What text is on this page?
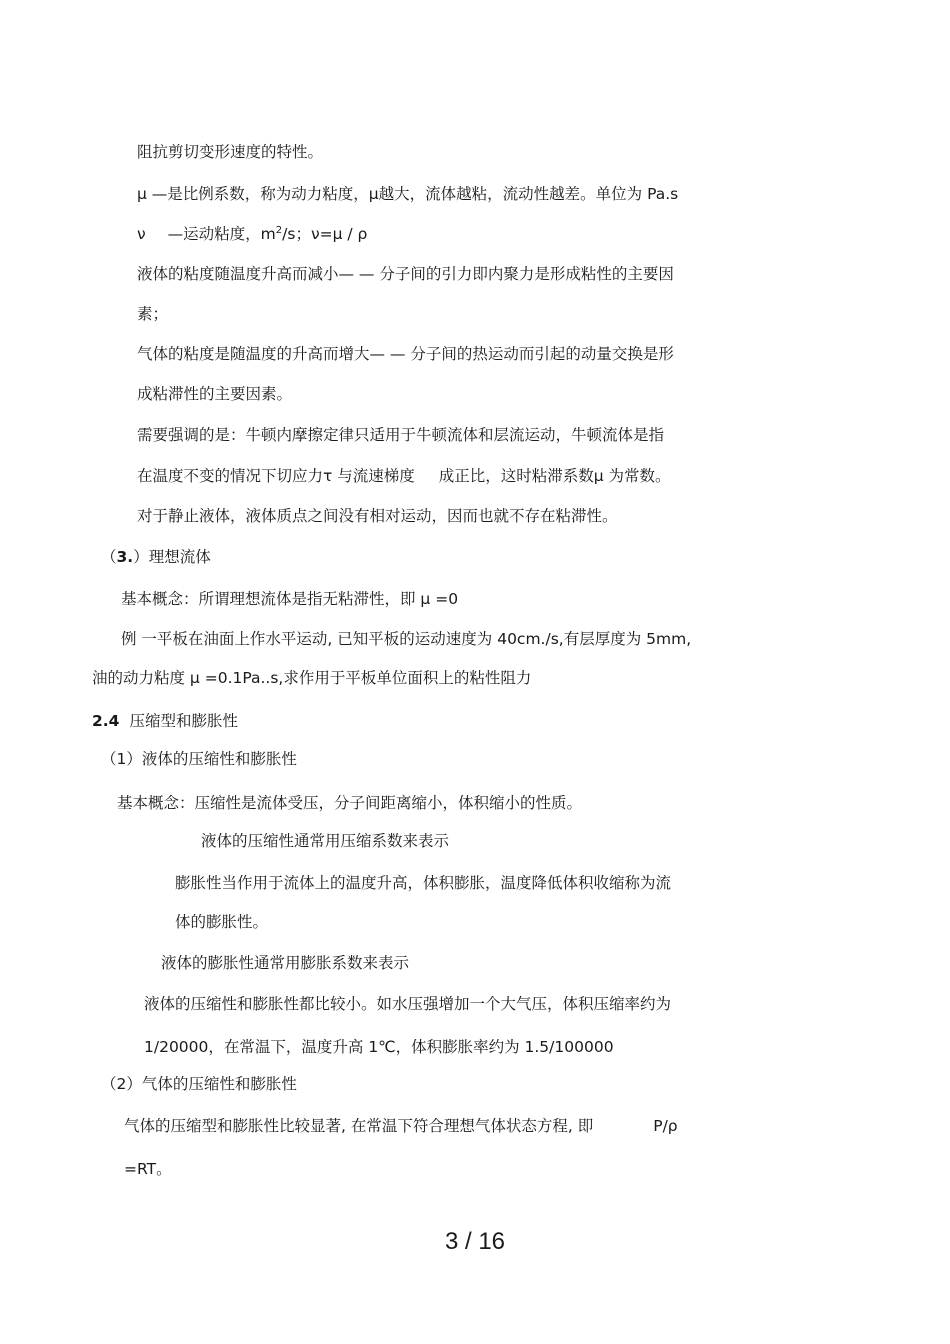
阻抗剪切变形速度的特性。
μ —是比例系数，称为动力粘度，μ越大，流体越粘，流动性越差。单位为 Pa.s
ν —运动粘度，$m^2/s$；ν=μ / ρ
液体的粘度随温度升高而减小— — 分子间的引力即内聚力是形成粘性的主要因
素；
气体的粘度是随温度的升高而增大— — 分子间的热运动而引起的动量交换是形
成粘滞性的主要因素。
需要强调的是：牛顿内摩擦定律只适用于牛顿流体和层流运动，牛顿流体是指
在温度不变的情况下切应力τ 与流速梯度 成正比，这时粘滞系数μ 为常数。
对于静止液体，液体质点之间没有相对运动，因而也就不存在粘滞性。
（3.）理想流体
基本概念：所谓理想流体是指无粘滞性，即 μ =0
例 一平板在油面上作水平运动, 已知平板的运动速度为 40cm./s,有层厚度为 5mm,
油的动力粘度 μ =0.1Pa..s,求作用于平板单位面积上的粘性阻力
2.4 压缩型和膨胀性
（1）液体的压缩性和膨胀性
基本概念：压缩性是流体受压，分子间距离缩小，体积缩小的性质。
液体的压缩性通常用压缩系数来表示
膨胀性当作用于流体上的温度升高，体积膨胀，温度降低体积收缩称为流
体的膨胀性。
液体的膨胀性通常用膨胀系数来表示
液体的压缩性和膨胀性都比较小。如水压强增加一个大气压，体积压缩率约为
1/20000，在常温下，温度升高 1℃，体积膨胀率约为 1.5/100000
（2）气体的压缩性和膨胀性
气体的压缩型和膨胀性比较显著, 在常温下符合理想气体状态方程, 即	P/ρ
=RT。
3 / 16
